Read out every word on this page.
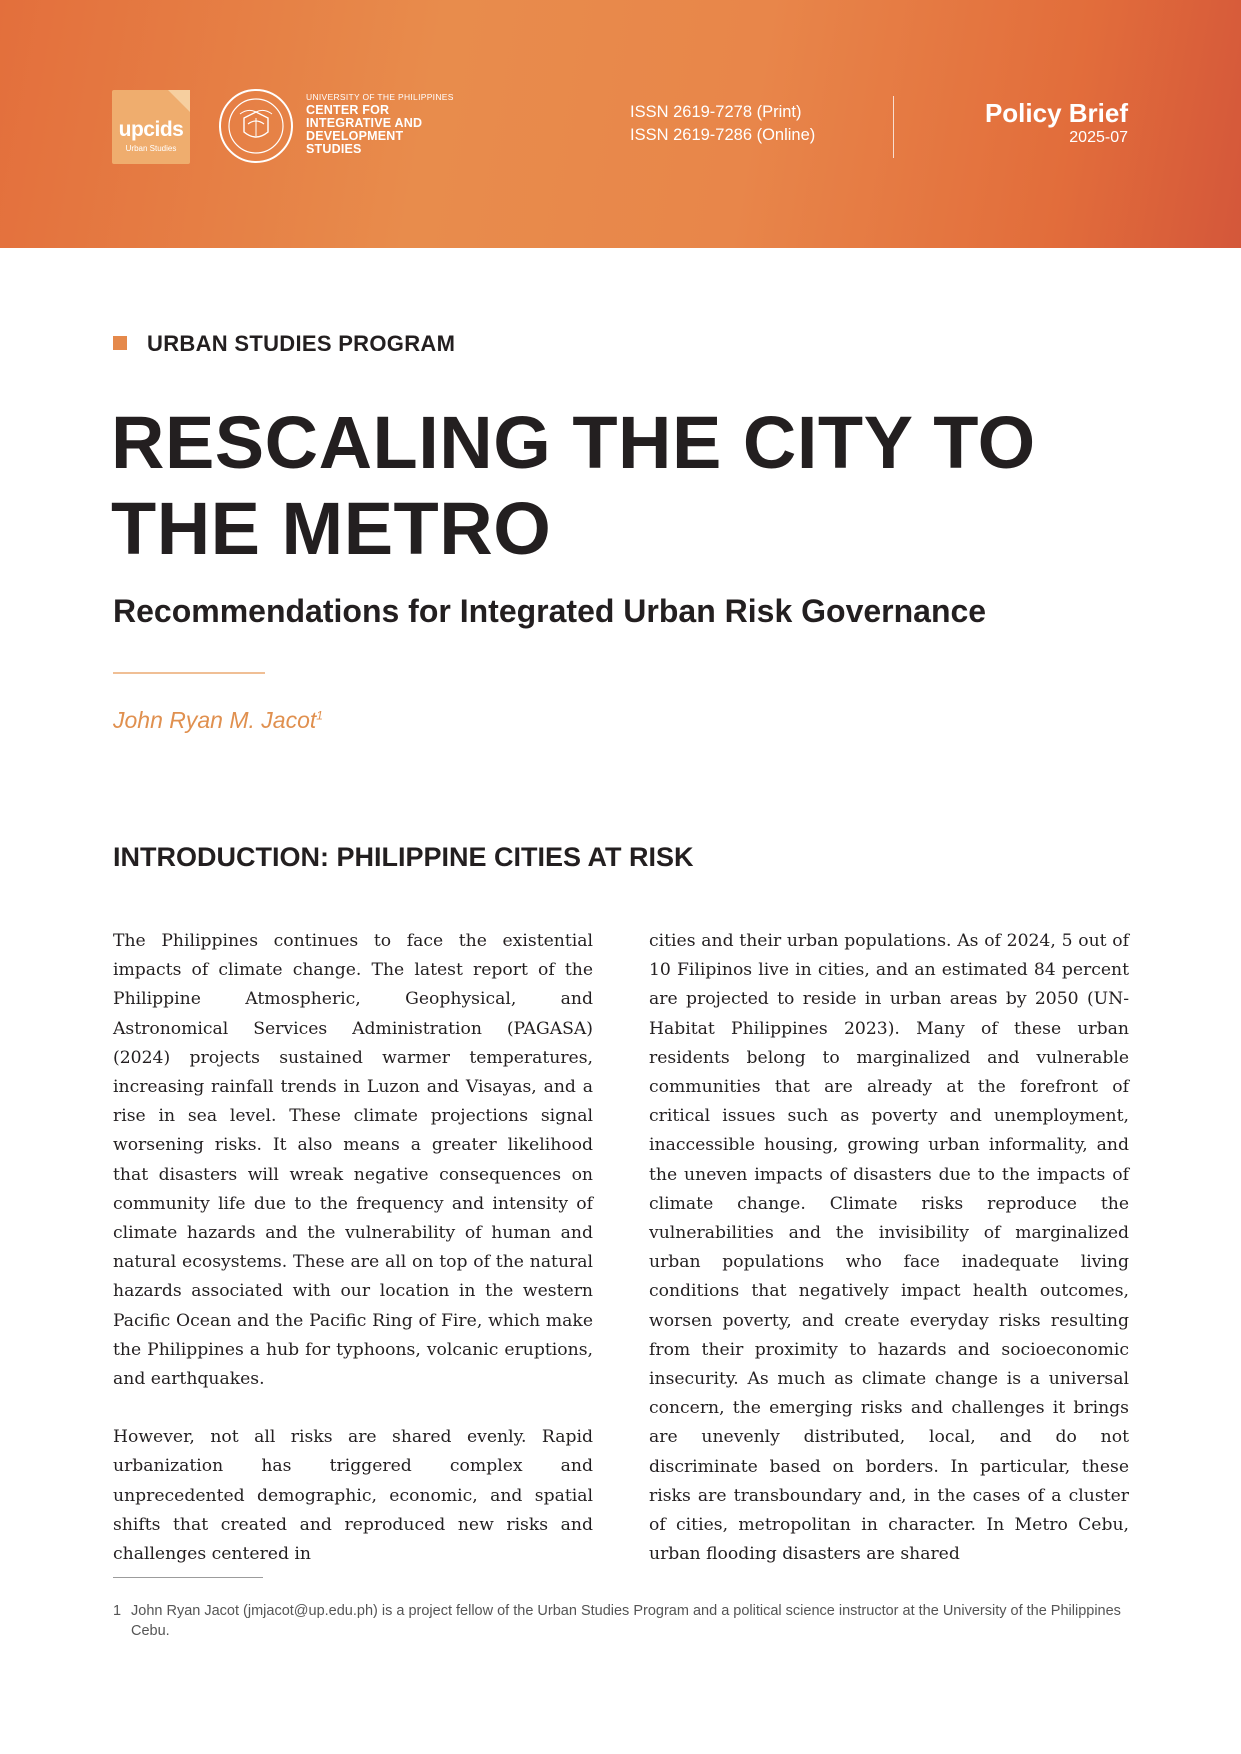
upcids
Urban Studies
UNIVERSITY OF THE PHILIPPINES
CENTER FOR
INTEGRATIVE AND
DEVELOPMENT
STUDIES
ISSN 2619-7278 (Print)
ISSN 2619-7286 (Online)
Policy Brief
2025-07
URBAN STUDIES PROGRAM
RESCALING THE CITY TO
THE METRO
Recommendations for Integrated Urban Risk Governance
John Ryan M. Jacot$^1$
INTRODUCTION: PHILIPPINE CITIES AT RISK

The Philippines continues to face the existential impacts of climate change. The latest report of the Philippine Atmospheric, Geophysical, and Astronomical Services Administration (PAGASA) (2024) projects sustained warmer temperatures, increasing rainfall trends in Luzon and Visayas, and a rise in sea level. These climate projections signal worsening risks. It also means a greater likelihood that disasters will wreak negative consequences on community life due to the frequency and intensity of climate hazards and the vulnerability of human and natural ecosystems. These are all on top of the natural hazards associated with our location in the western Pacific Ocean and the Pacific Ring of Fire, which make the Philippines a hub for typhoons, volcanic eruptions, and earthquakes.

However, not all risks are shared evenly. Rapid urbanization has triggered complex and unprecedented demographic, economic, and spatial shifts that created and reproduced new risks and challenges centered in

cities and their urban populations. As of 2024, 5 out of 10 Filipinos live in cities, and an estimated 84 percent are projected to reside in urban areas by 2050 (UN-Habitat Philippines 2023). Many of these urban residents belong to marginalized and vulnerable communities that are already at the forefront of critical issues such as poverty and unemployment, inaccessible housing, growing urban informality, and the uneven impacts of disasters due to the impacts of climate change. Climate risks reproduce the vulnerabilities and the invisibility of marginalized urban populations who face inadequate living conditions that negatively impact health outcomes, worsen poverty, and create everyday risks resulting from their proximity to hazards and socioeconomic insecurity. As much as climate change is a universal concern, the emerging risks and challenges it brings are unevenly distributed, local, and do not discriminate based on borders. In particular, these risks are transboundary and, in the cases of a cluster of cities, metropolitan in character. In Metro Cebu, urban flooding disasters are shared

1 John Ryan Jacot (jmjacot@up.edu.ph) is a project fellow of the Urban Studies Program and a political science instructor at the University of the Philippines Cebu.
